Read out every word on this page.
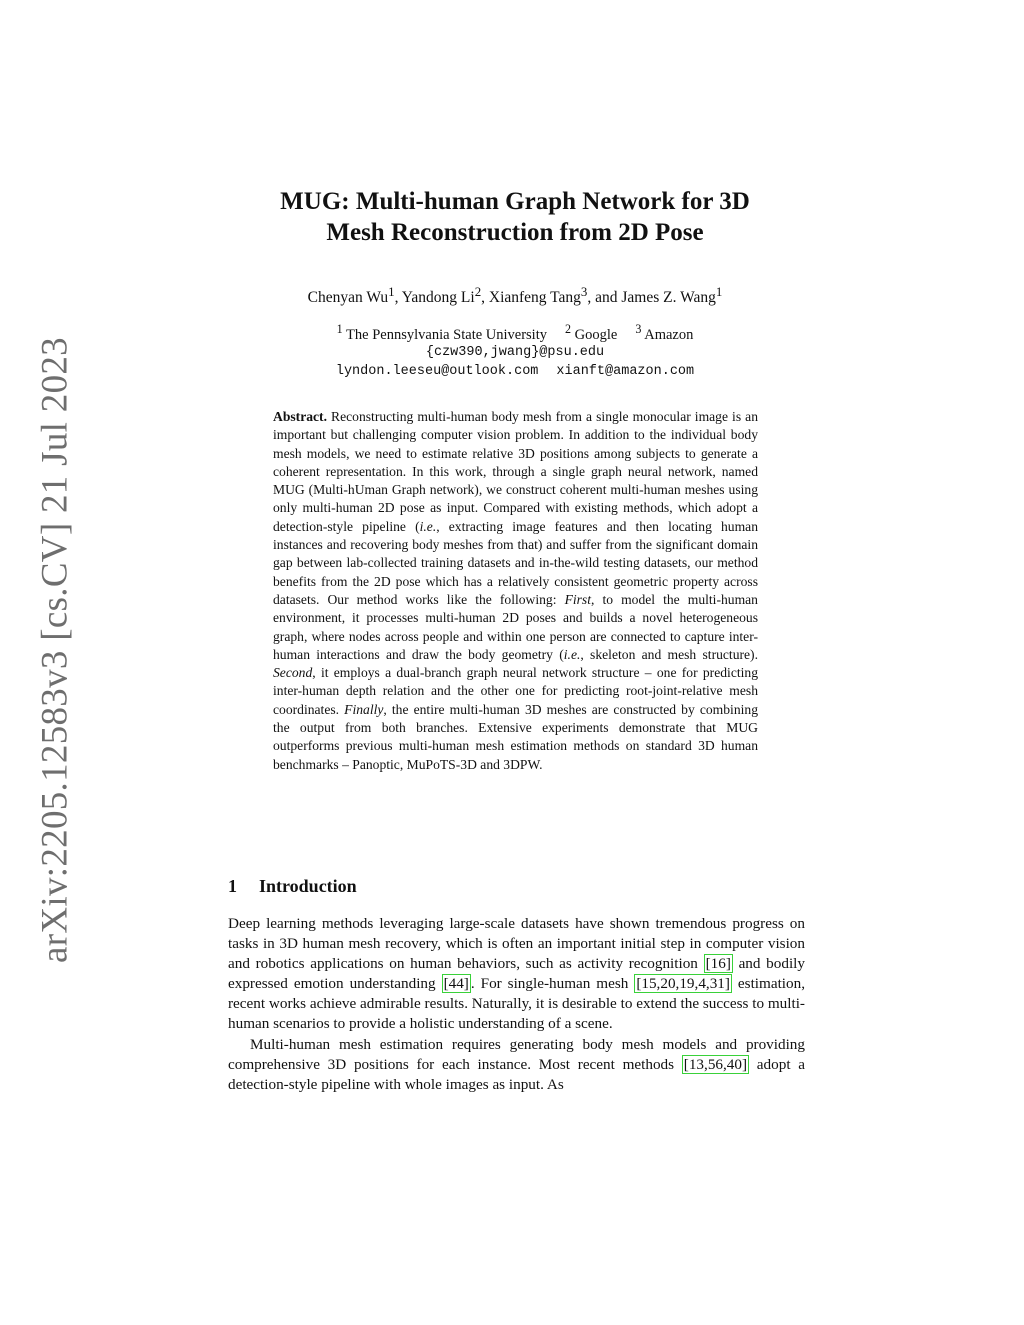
arXiv:2205.12583v3 [cs.CV] 21 Jul 2023
MUG: Multi-human Graph Network for 3D
Mesh Reconstruction from 2D Pose
Chenyan Wu$^1$, Yandong Li$^2$, Xianfeng Tang$^3$, and James Z. Wang$^1$
$^1$ The Pennsylvania State University $^2$ Google $^3$ Amazon
{czw390,jwang}@psu.edu
lyndon.leeseu@outlook.com xianft@amazon.com
Abstract. Reconstructing multi-human body mesh from a single monocular image is an important but challenging computer vision problem. In addition to the individual body mesh models, we need to estimate relative 3D positions among subjects to generate a coherent representation. In this work, through a single graph neural network, named MUG (Multi-hUman Graph network), we construct coherent multi-human meshes using only multi-human 2D pose as input. Compared with existing methods, which adopt a detection-style pipeline (i.e., extracting image features and then locating human instances and recovering body meshes from that) and suffer from the significant domain gap between lab-collected training datasets and in-the-wild testing datasets, our method benefits from the 2D pose which has a relatively consistent geometric property across datasets. Our method works like the following: First, to model the multi-human environment, it processes multi-human 2D poses and builds a novel heterogeneous graph, where nodes across people and within one person are connected to capture inter-human interactions and draw the body geometry (i.e., skeleton and mesh structure). Second, it employs a dual-branch graph neural network structure – one for predicting inter-human depth relation and the other one for predicting root-joint-relative mesh coordinates. Finally, the entire multi-human 3D meshes are constructed by combining the output from both branches. Extensive experiments demonstrate that MUG outperforms previous multi-human mesh estimation methods on standard 3D human benchmarks – Panoptic, MuPoTS-3D and 3DPW.
1 Introduction

Deep learning methods leveraging large-scale datasets have shown tremendous progress on tasks in 3D human mesh recovery, which is often an important initial step in computer vision and robotics applications on human behaviors, such as activity recognition [16] and bodily expressed emotion understanding [44] . For single-human mesh [15,20,19,4,31] estimation, recent works achieve admirable results. Naturally, it is desirable to extend the success to multi-human scenarios to provide a holistic understanding of a scene.

Multi-human mesh estimation requires generating body mesh models and providing comprehensive 3D positions for each instance. Most recent methods [13,56,40] adopt a detection-style pipeline with whole images as input. As
